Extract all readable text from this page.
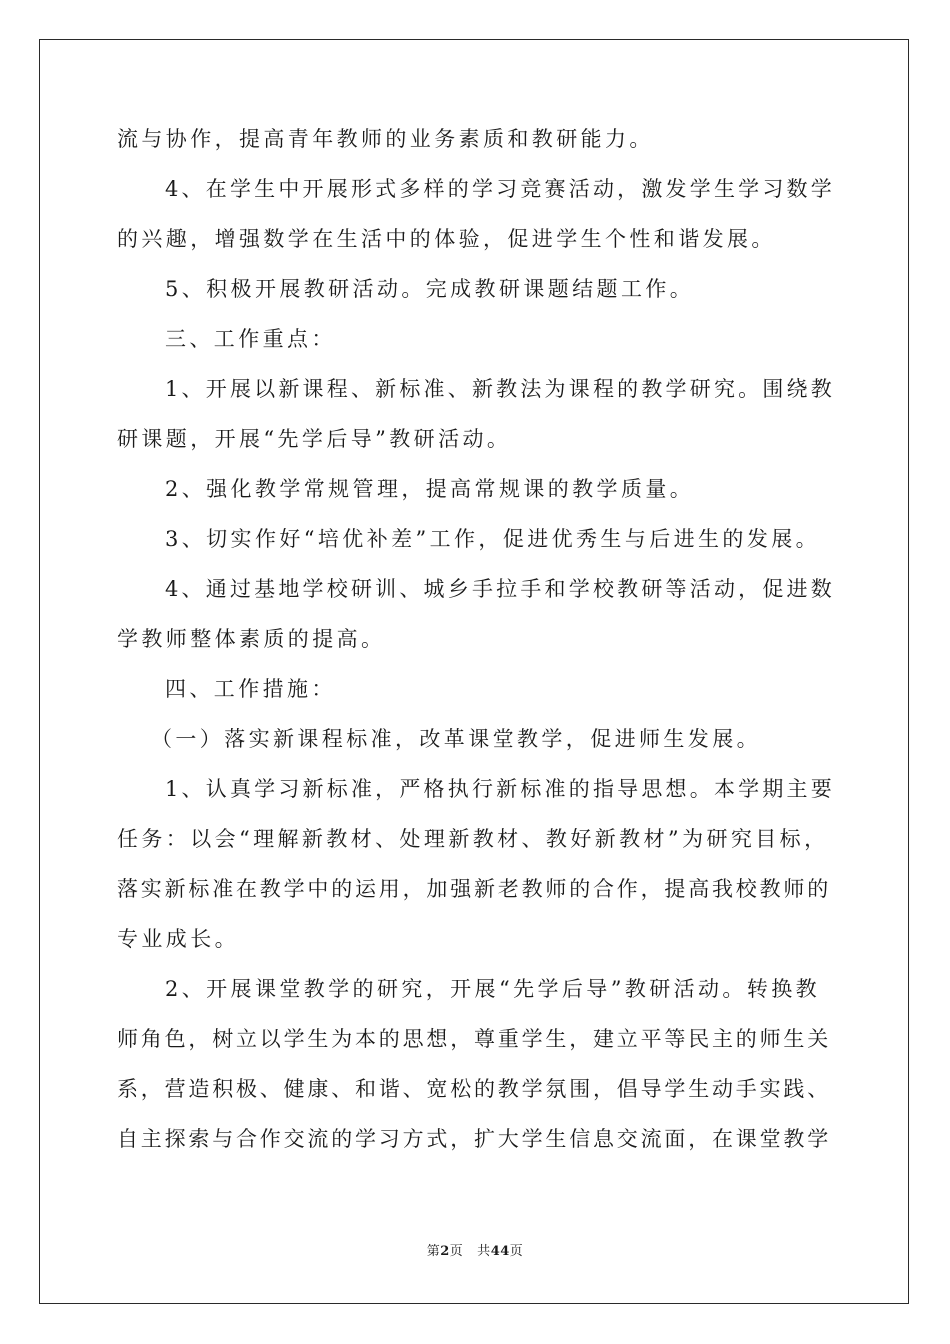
流与协作，提高青年教师的业务素质和教研能力。
4、在学生中开展形式多样的学习竞赛活动，激发学生学习数学
的兴趣，增强数学在生活中的体验，促进学生个性和谐发展。
5、积极开展教研活动。完成教研课题结题工作。
三、工作重点：
1、开展以新课程、新标准、新教法为课程的教学研究。围绕教
研课题，开展“先学后导”教研活动。
2、强化教学常规管理，提高常规课的教学质量。
3、切实作好“培优补差”工作，促进优秀生与后进生的发展。
4、通过基地学校研训、城乡手拉手和学校教研等活动，促进数
学教师整体素质的提高。
四、工作措施：
（一）落实新课程标准，改革课堂教学，促进师生发展。
1、认真学习新标准，严格执行新标准的指导思想。本学期主要
任务：以会“理解新教材、处理新教材、教好新教材”为研究目标，
落实新标准在教学中的运用，加强新老教师的合作，提高我校教师的
专业成长。
2、开展课堂教学的研究，开展“先学后导”教研活动。转换教
师角色，树立以学生为本的思想，尊重学生，建立平等民主的师生关
系，营造积极、健康、和谐、宽松的教学氛围，倡导学生动手实践、
自主探索与合作交流的学习方式，扩大学生信息交流面，在课堂教学
第2页 共44页
